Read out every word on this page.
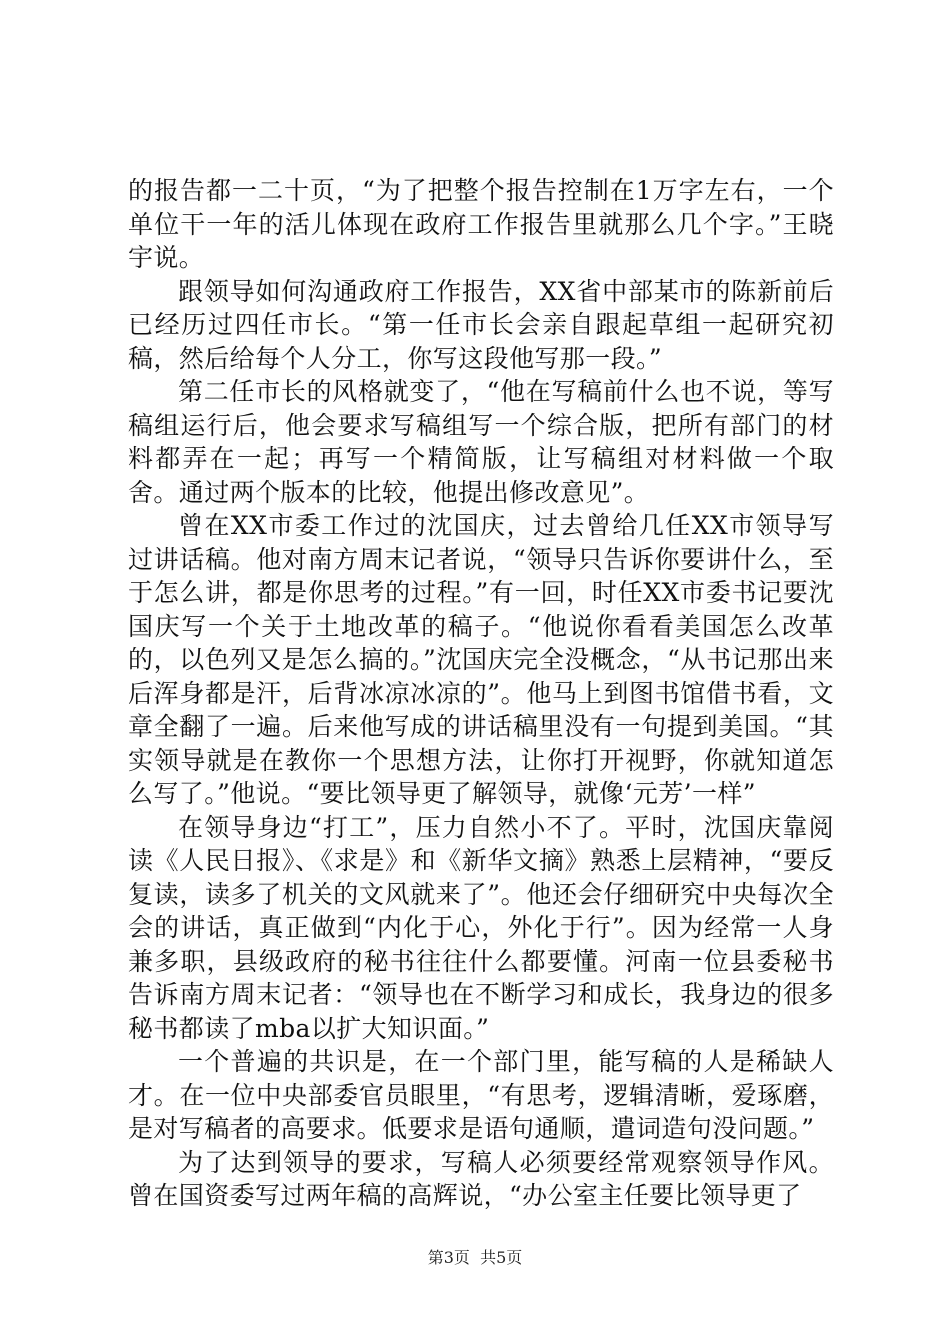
的报告都一二十页，“为了把整个报告控制在1万字左右，一个单位干一年的活儿体现在政府工作报告里就那么几个字。”王晓宇说。

跟领导如何沟通政府工作报告，XX省中部某市的陈新前后已经历过四任市长。“第一任市长会亲自跟起草组一起研究初稿，然后给每个人分工，你写这段他写那一段。”

第二任市长的风格就变了，“他在写稿前什么也不说，等写稿组运行后，他会要求写稿组写一个综合版，把所有部门的材料都弄在一起；再写一个精简版，让写稿组对材料做一个取舍。通过两个版本的比较，他提出修改意见”。

曾在XX市委工作过的沈国庆，过去曾给几任XX市领导写过讲话稿。他对南方周末记者说，“领导只告诉你要讲什么，至于怎么讲，都是你思考的过程。”有一回，时任XX市委书记要沈国庆写一个关于土地改革的稿子。“他说你看看美国怎么改革的，以色列又是怎么搞的。”沈国庆完全没概念，“从书记那出来后浑身都是汗，后背冰凉冰凉的”。他马上到图书馆借书看，文章全翻了一遍。后来他写成的讲话稿里没有一句提到美国。“其实领导就是在教你一个思想方法，让你打开视野，你就知道怎么写了。”他说。“要比领导更了解领导，就像‘元芳’一样”

在领导身边“打工”，压力自然小不了。平时，沈国庆靠阅读《人民日报》、《求是》和《新华文摘》熟悉上层精神，“要反复读，读多了机关的文风就来了”。他还会仔细研究中央每次全会的讲话，真正做到“内化于心，外化于行”。因为经常一人身兼多职，县级政府的秘书往往什么都要懂。河南一位县委秘书告诉南方周末记者：“领导也在不断学习和成长，我身边的很多秘书都读了mba以扩大知识面。”

一个普遍的共识是，在一个部门里，能写稿的人是稀缺人才。在一位中央部委官员眼里，“有思考，逻辑清晰，爱琢磨，是对写稿者的高要求。低要求是语句通顺，遣词造句没问题。”

为了达到领导的要求，写稿人必须要经常观察领导作风。曾在国资委写过两年稿的高辉说，“办公室主任要比领导更了

第3页 共5页
